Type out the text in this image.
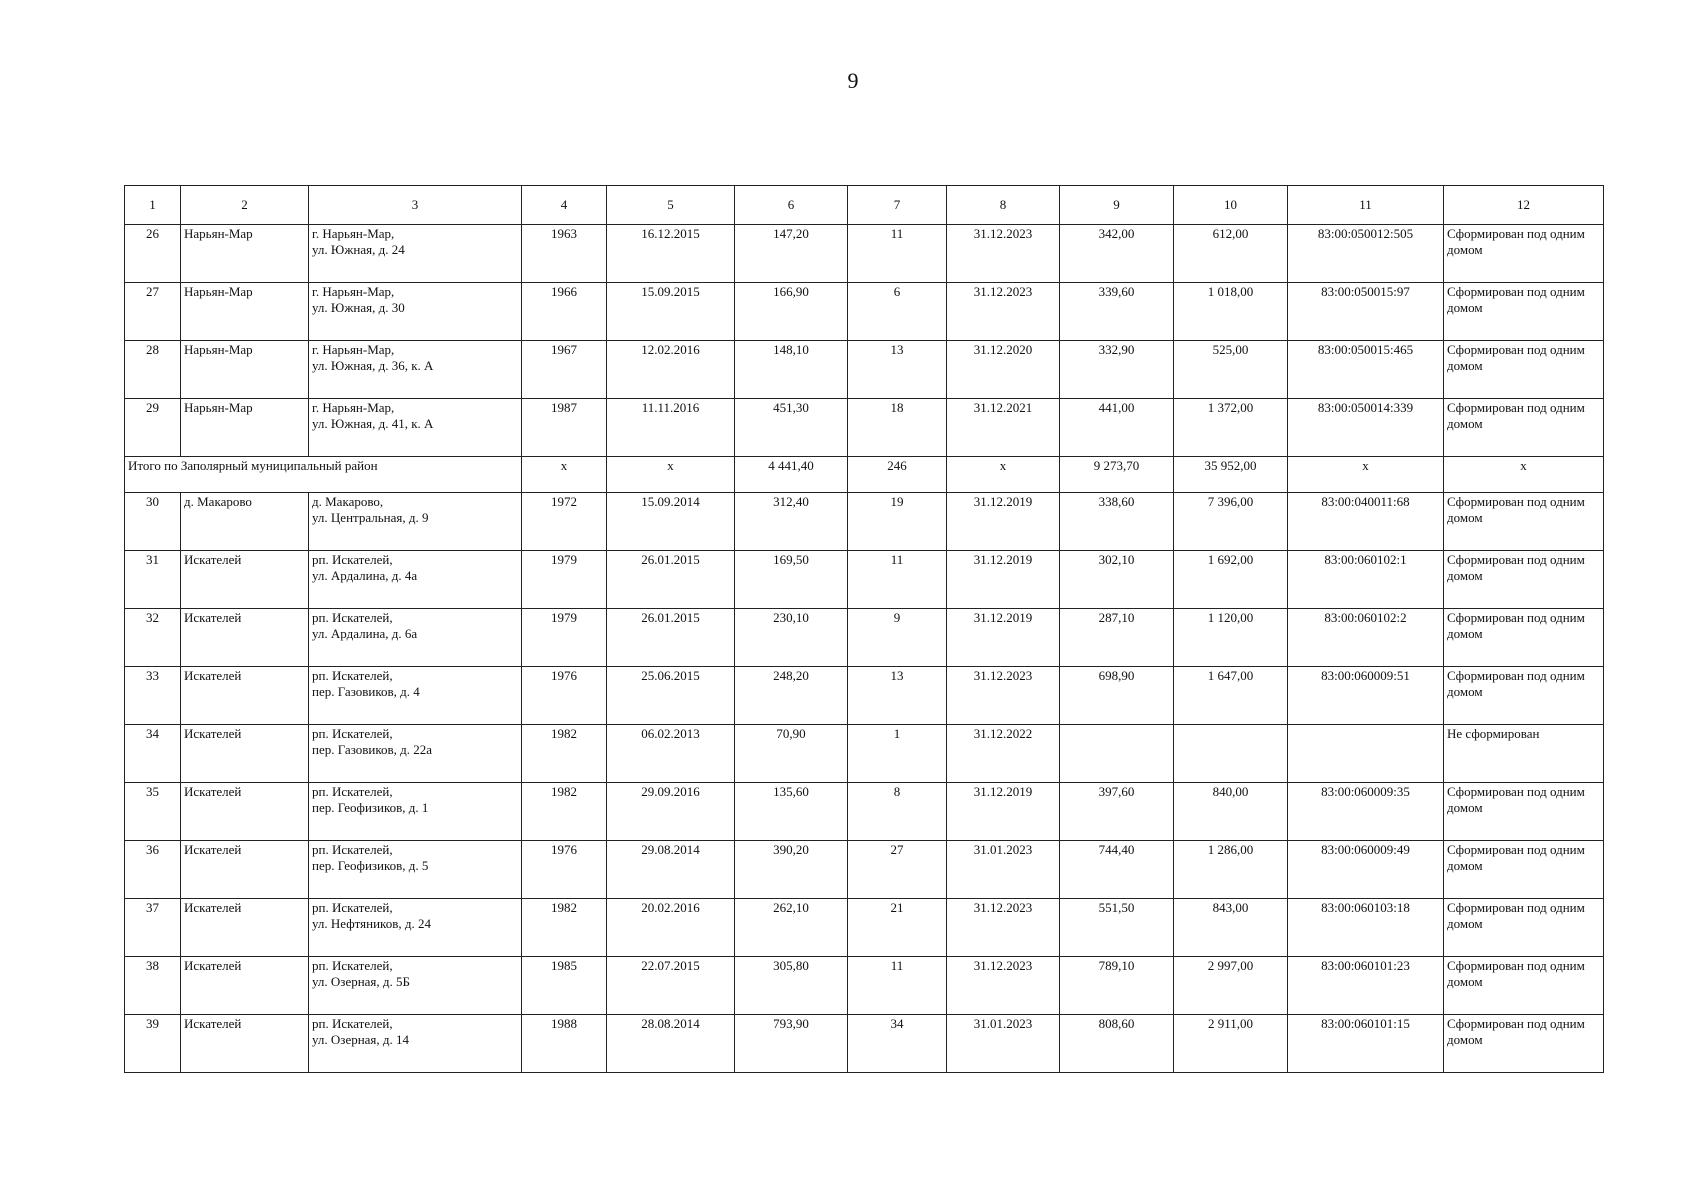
9
1	2	3	4	5	6	7	8	9	10	11	12
26	Нарьян-Мар	г. Нарьян-Мар,
ул. Южная, д. 24	1963	16.12.2015	147,20	11	31.12.2023	342,00	612,00	83:00:050012:505	Сформирован под одним домом
27	Нарьян-Мар	г. Нарьян-Мар,
ул. Южная, д. 30	1966	15.09.2015	166,90	6	31.12.2023	339,60	1 018,00	83:00:050015:97	Сформирован под одним домом
28	Нарьян-Мар	г. Нарьян-Мар,
ул. Южная, д. 36, к. А	1967	12.02.2016	148,10	13	31.12.2020	332,90	525,00	83:00:050015:465	Сформирован под одним домом
29	Нарьян-Мар	г. Нарьян-Мар,
ул. Южная, д. 41, к. А	1987	11.11.2016	451,30	18	31.12.2021	441,00	1 372,00	83:00:050014:339	Сформирован под одним домом
Итого по Заполярный муниципальный район			x	x	4 441,40	246	x	9 273,70	35 952,00	x	x
30	д. Макарово	д. Макарово,
ул. Центральная, д. 9	1972	15.09.2014	312,40	19	31.12.2019	338,60	7 396,00	83:00:040011:68	Сформирован под одним домом
31	Искателей	рп. Искателей,
ул. Ардалина, д. 4а	1979	26.01.2015	169,50	11	31.12.2019	302,10	1 692,00	83:00:060102:1	Сформирован под одним домом
32	Искателей	рп. Искателей,
ул. Ардалина, д. 6а	1979	26.01.2015	230,10	9	31.12.2019	287,10	1 120,00	83:00:060102:2	Сформирован под одним домом
33	Искателей	рп. Искателей,
пер. Газовиков, д. 4	1976	25.06.2015	248,20	13	31.12.2023	698,90	1 647,00	83:00:060009:51	Сформирован под одним домом
34	Искателей	рп. Искателей,
пер. Газовиков, д. 22а	1982	06.02.2013	70,90	1	31.12.2022				Не сформирован
35	Искателей	рп. Искателей,
пер. Геофизиков, д. 1	1982	29.09.2016	135,60	8	31.12.2019	397,60	840,00	83:00:060009:35	Сформирован под одним домом
36	Искателей	рп. Искателей,
пер. Геофизиков, д. 5	1976	29.08.2014	390,20	27	31.01.2023	744,40	1 286,00	83:00:060009:49	Сформирован под одним домом
37	Искателей	рп. Искателей,
ул. Нефтяников, д. 24	1982	20.02.2016	262,10	21	31.12.2023	551,50	843,00	83:00:060103:18	Сформирован под одним домом
38	Искателей	рп. Искателей,
ул. Озерная, д. 5Б	1985	22.07.2015	305,80	11	31.12.2023	789,10	2 997,00	83:00:060101:23	Сформирован под одним домом
39	Искателей	рп. Искателей,
ул. Озерная, д. 14	1988	28.08.2014	793,90	34	31.01.2023	808,60	2 911,00	83:00:060101:15	Сформирован под одним домом
